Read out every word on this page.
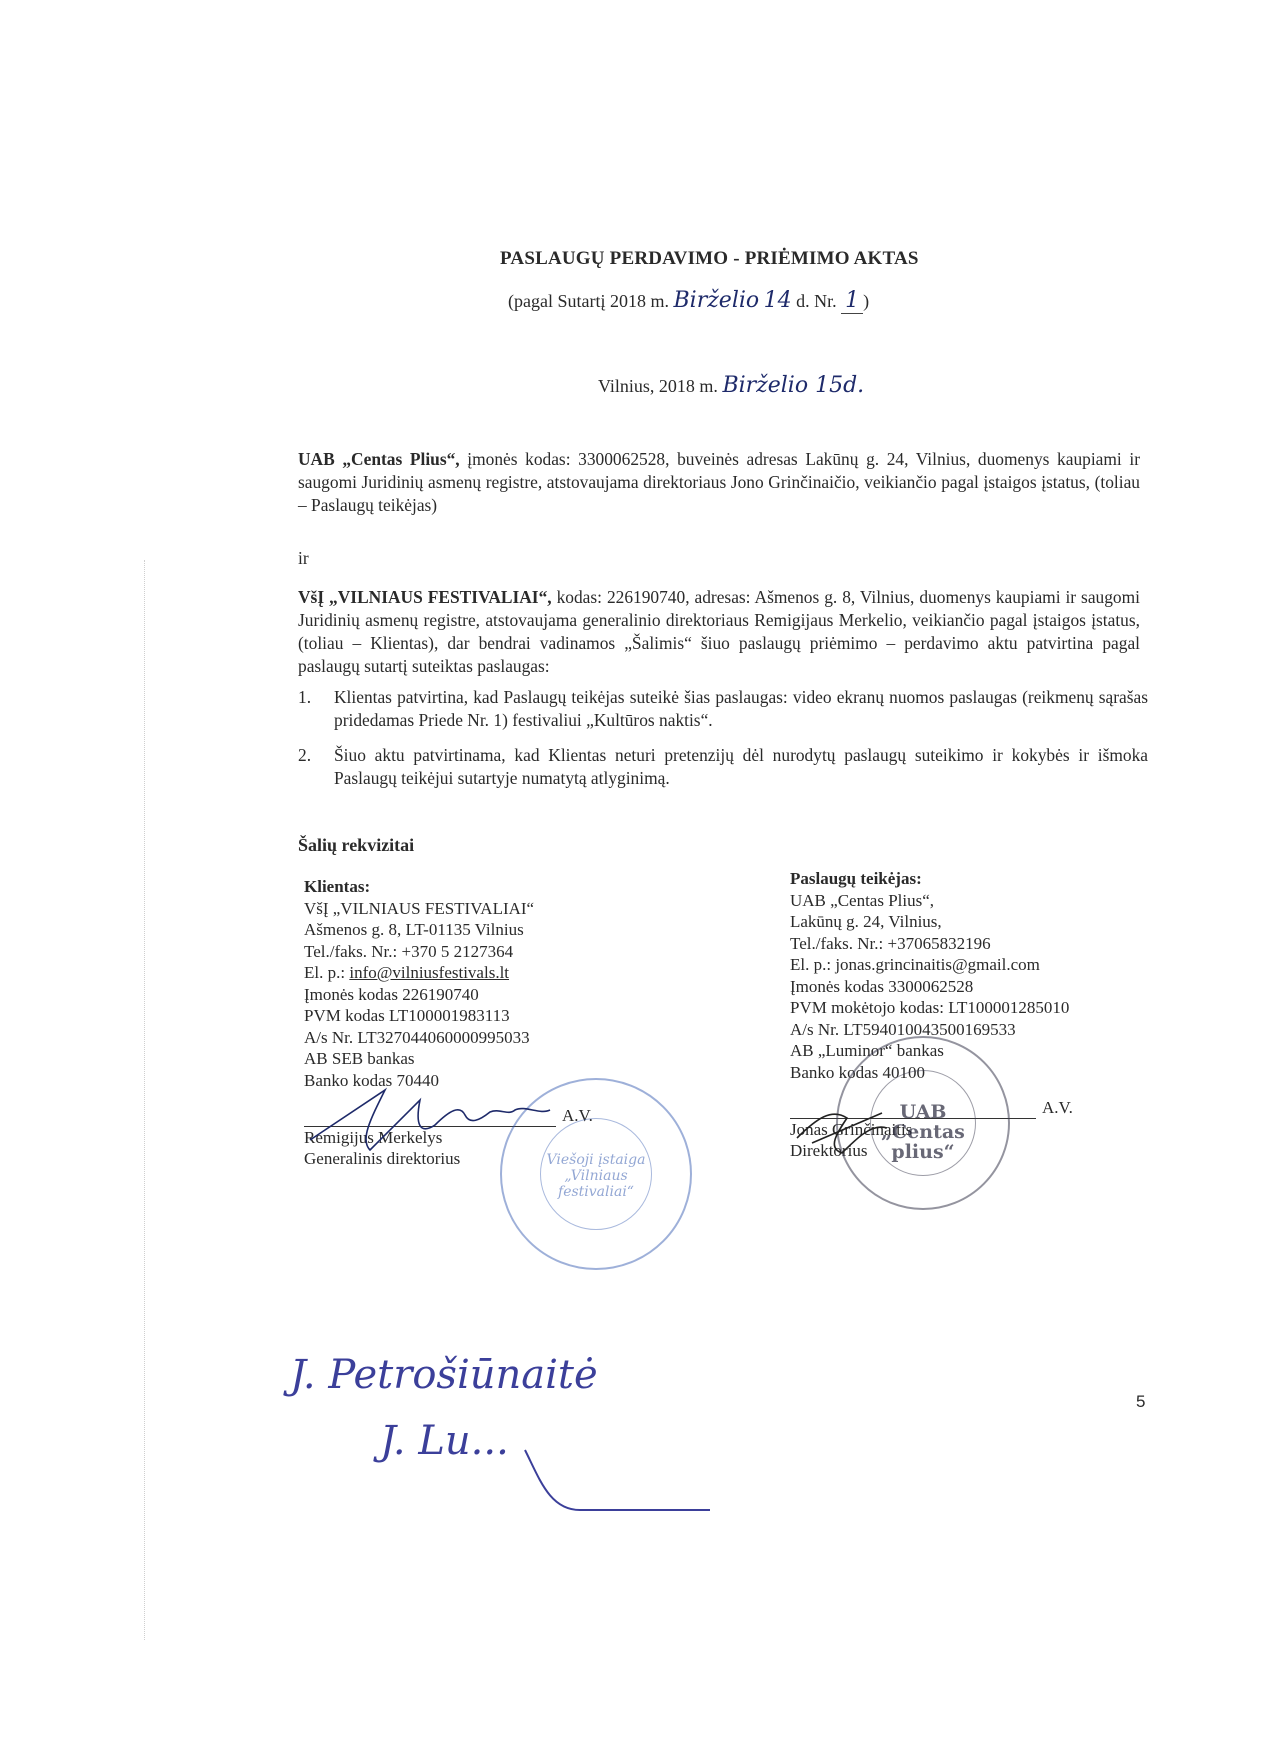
PASLAUGŲ PERDAVIMO - PRIĖMIMO AKTAS
(pagal Sutartį 2018 m. Birželio 14 d. Nr. 1 )
Vilnius, 2018 m. Birželio 15d.
UAB „Centas Plius“, įmonės kodas: 3300062528, buveinės adresas Lakūnų g. 24, Vilnius, duomenys kaupiami ir saugomi Juridinių asmenų registre, atstovaujama direktoriaus Jono Grinčinaičio, veikiančio pagal įstaigos įstatus, (toliau – Paslaugų teikėjas)
ir
VšĮ „VILNIAUS FESTIVALIAI“, kodas: 226190740, adresas: Ašmenos g. 8, Vilnius, duomenys kaupiami ir saugomi Juridinių asmenų registre, atstovaujama generalinio direktoriaus Remigijaus Merkelio, veikiančio pagal įstaigos įstatus, (toliau – Klientas), dar bendrai vadinamos „Šalimis“ šiuo paslaugų priėmimo – perdavimo aktu patvirtina pagal paslaugų sutartį suteiktas paslaugas:
1. Klientas patvirtina, kad Paslaugų teikėjas suteikė šias paslaugas: video ekranų nuomos paslaugas (reikmenų sąrašas pridedamas Priede Nr. 1) festivaliui „Kultūros naktis“.
2. Šiuo aktu patvirtinama, kad Klientas neturi pretenzijų dėl nurodytų paslaugų suteikimo ir kokybės ir išmoka Paslaugų teikėjui sutartyje numatytą atlyginimą.
Šalių rekvizitai
Klientas:
VšĮ „VILNIAUS FESTIVALIAI“
Ašmenos g. 8, LT-01135 Vilnius
Tel./faks. Nr.: +370 5 2127364
El. p.: info@vilniusfestivals.lt
Įmonės kodas 226190740
PVM kodas LT100001983113
A/s Nr. LT327044060000995033
AB SEB bankas
Banko kodas 70440
A.V.
Remigijus Merkelys
Generalinis direktorius
Paslaugų teikėjas:
UAB „Centas Plius“,
Lakūnų g. 24, Vilnius,
Tel./faks. Nr.: +37065832196
El. p.: jonas.grincinaitis@gmail.com
Įmonės kodas 3300062528
PVM mokėtojo kodas: LT100001285010
A/s Nr. LT594010043500169533
AB „Luminor“ bankas
Banko kodas 40100
A.V.
Jonas Grinčinaitis
Direktorius
Viešoji įstaiga „Vilniaus festivaliai“
UAB „Centas plius“
J. Petrošiūnaitė
J. Lu...
5
